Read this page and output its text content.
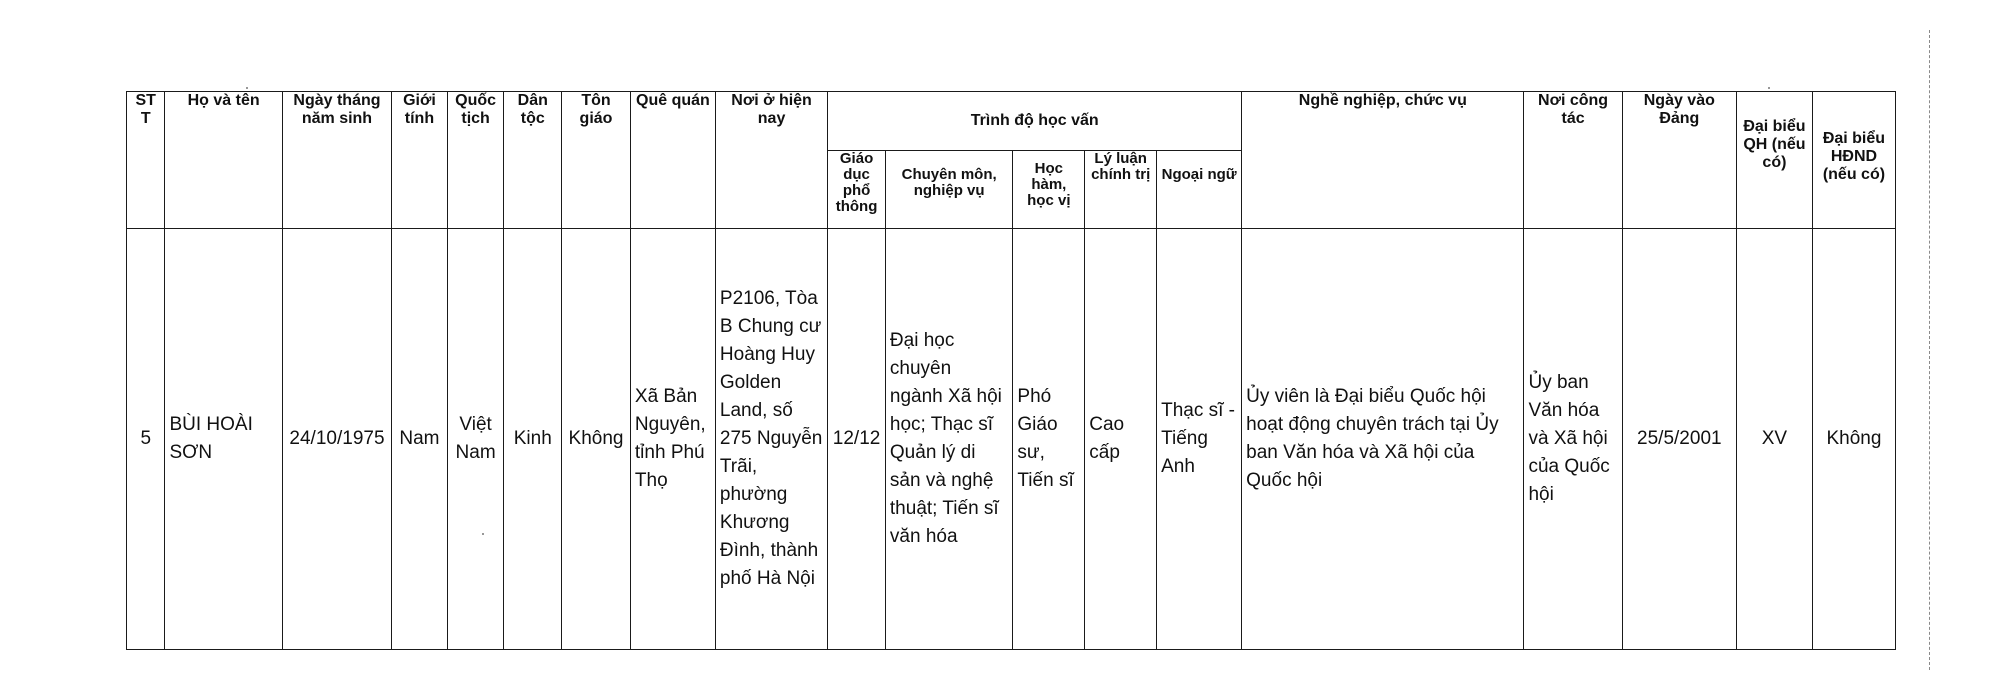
ST T	Họ và tên	Ngày tháng năm sinh	Giới tính	Quốc tịch	Dân tộc	Tôn giáo	Quê quán	Nơi ở hiện nay	Trình độ học vấn					Nghề nghiệp, chức vụ	Nơi công tác	Ngày vào Đảng	Đại biểu QH (nếu có)	Đại biểu HĐND (nếu có)
									Giáo dục phổ thông	Chuyên môn, nghiệp vụ	Học hàm, học vị	Lý luận chính trị	Ngoại ngữ					
5	BÙI HOÀI SƠN	24/10/1975	Nam	Việt Nam	Kinh	Không	Xã Bản Nguyên, tỉnh Phú Thọ	P2106, Tòa B Chung cư Hoàng Huy Golden Land, số 275 Nguyễn Trãi, phường Khương Đình, thành phố Hà Nội	12/12	Đại học chuyên ngành Xã hội học; Thạc sĩ Quản lý di sản và nghệ thuật; Tiến sĩ văn hóa	Phó Giáo sư, Tiến sĩ	Cao cấp	Thạc sĩ - Tiếng Anh	Ủy viên là Đại biểu Quốc hội hoạt động chuyên trách tại Ủy ban Văn hóa và Xã hội của Quốc hội	Ủy ban Văn hóa và Xã hội của Quốc hội	25/5/2001	XV	Không
